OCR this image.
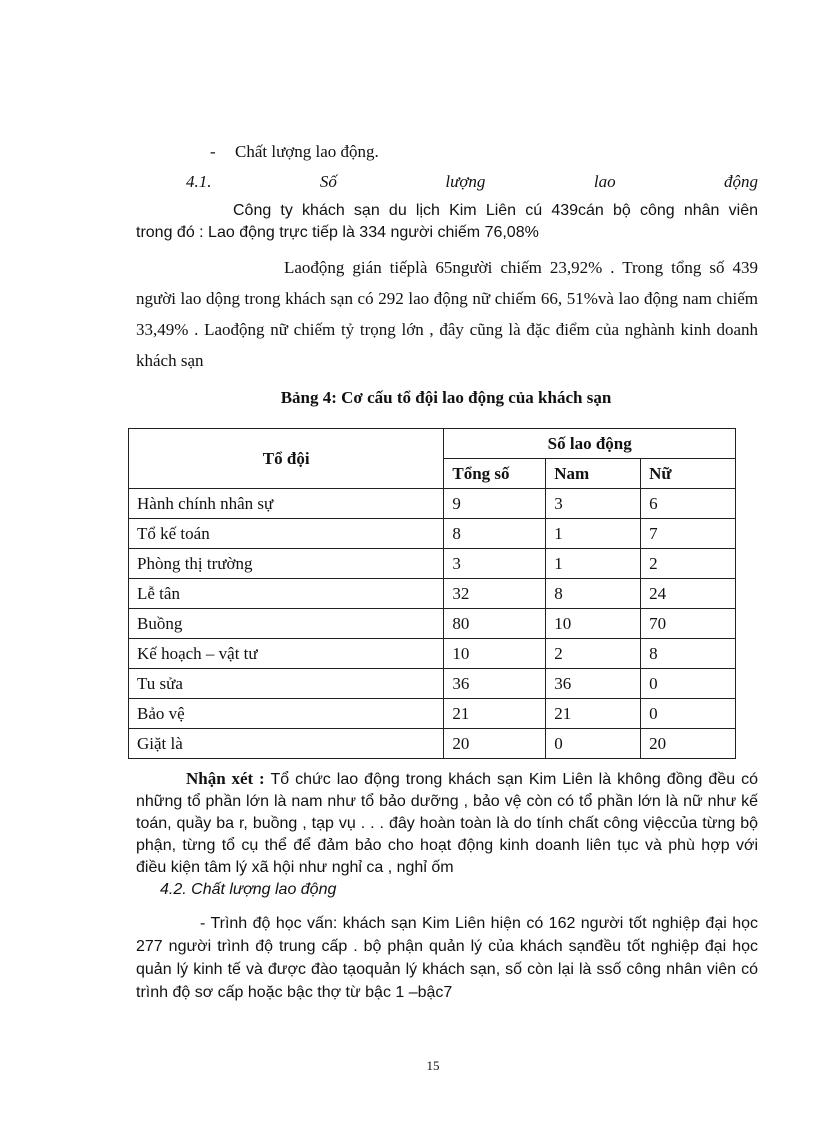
- Chất lượng lao động.
4.1.	Số	lượng	lao	động
Công ty khách sạn du lịch Kim Liên cú 439cán bộ công nhân viên
trong đó : Lao động trực tiếp là 334 người chiếm 76,08%
Laođộng gián tiếplà 65người chiếm 23,92% . Trong tổng số 439 người lao dộng trong khách sạn có 292 lao động nữ chiếm 66, 51%và lao động nam chiếm 33,49% . Laođộng nữ chiếm tỷ trọng lớn , đây cũng là đặc điểm của nghành kinh doanh khách sạn
Bảng 4: Cơ cấu tổ đội lao động của khách sạn
Tổ đội	Số lao động		
	Tổng số	Nam	Nữ
Hành chính nhân sự	9	3	6
Tổ kế toán	8	1	7
Phòng thị trường	3	1	2
Lễ tân	32	8	24
Buồng	80	10	70
Kế hoạch – vật tư	10	2	8
Tu sửa	36	36	0
Bảo vệ	21	21	0
Giặt là	20	0	20
Nhận xét : Tổ chức lao động trong khách sạn Kim Liên là không đồng đều có những tổ phần lớn là nam như tổ bảo dưỡng , bảo vệ còn có tổ phần lớn là nữ như kế toán, quầy ba r, buồng , tạp vụ . . . đây hoàn toàn là do tính chất công việccủa từng bộ phận, từng tổ cụ thể để đảm bảo cho hoạt động kinh doanh liên tục và phù hợp với điều kiện tâm lý xã hội như nghỉ ca , nghỉ ốm
4.2. Chất lượng lao động
- Trình độ học vấn: khách sạn Kim Liên hiện có 162 người tốt nghiệp đại học 277 người trình độ trung cấp . bộ phận quản lý của khách sạnđều tốt nghiệp đại học quản lý kinh tế và được đào tạoquản lý khách sạn, số còn lại là ssố công nhân viên có trình độ sơ cấp hoặc bậc thợ từ bậc 1 –bậc7
15
